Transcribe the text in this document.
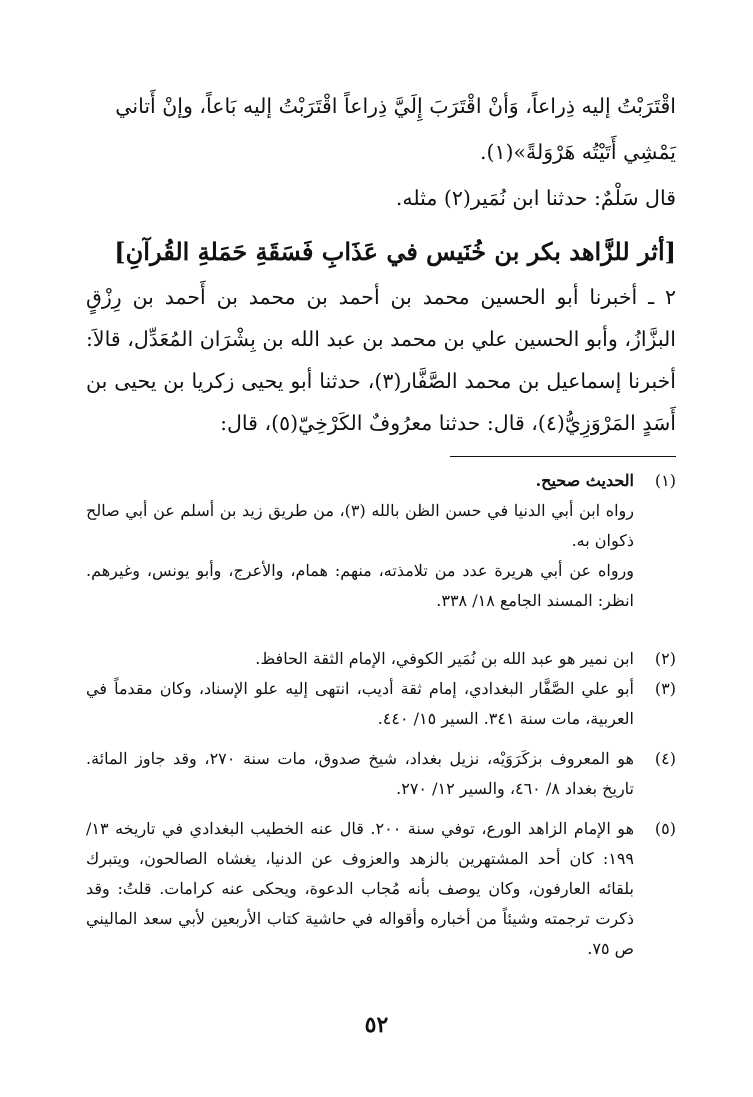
اقْتَرَبْتُ إليه ذِراعاً، وَأنْ اقْتَرَبَ إِلَيَّ ذِراعاً اقْتَرَبْتُ إليه بَاعاً، وإنْ أَتاني

يَمْشِي أَتَيْتُه هَرْوَلةً»(١).

قال سَلْمٌ: حدثنا ابن نُمَير(٢) مثله.

[أثر للزَّاهد بكر بن خُنَيس في عَذَابِ فَسَقَةِ حَمَلةِ القُرآنِ]

٢ ـ أخبرنا أبو الحسين محمد بن أحمد بن محمد بن أَحمد بن رِزْقٍ البزَّازُ، وأبو الحسين علي بن محمد بن عبد الله بن بِشْرَان المُعَدِّل، قالاَ: أخبرنا إسماعيل بن محمد الصَّفَّار(٣)، حدثنا أبو يحيى زكريا بن يحيى بن أَسَدٍ المَرْوَزِيُّ(٤)، قال: حدثنا معرُوفٌ الكَرْخِيّ(٥)، قال:

(١)

الحديث صحيح.

رواه ابن أبي الدنيا في حسن الظن بالله (٣)، من طريق زيد بن أسلم عن أبي صالح ذكوان به.

ورواه عن أبي هريرة عدد من تلامذته، منهم: همام، والأعرج، وأبو يونس، وغيرهم. انظر: المسند الجامع ١٨/ ٣٣٨.

(٢)

ابن نمير هو عبد الله بن نُمَير الكوفي، الإمام الثقة الحافظ.

(٣)

أبو علي الصَّفَّار البغدادي، إمام ثقة أديب، انتهى إليه علو الإسناد، وكان مقدماً في العربية، مات سنة ٣٤١. السير ١٥/ ٤٤٠.

(٤)

هو المعروف بزكَرَوَيْه، نزيل بغداد، شيخ صدوق، مات سنة ٢٧٠، وقد جاوز المائة. تاريخ بغداد ٨/ ٤٦٠، والسير ١٢/ ٢٧٠.

(٥)

هو الإمام الزاهد الورع، توفي سنة ٢٠٠. قال عنه الخطيب البغدادي في تاريخه ١٣/ ١٩٩: كان أحد المشتهرين بالزهد والعزوف عن الدنيا، يغشاه الصالحون، ويتبرك بلقائه العارفون، وكان يوصف بأنه مُجاب الدعوة، ويحكى عنه كرامات. قلتُ: وقد ذكرت ترجمته وشيئاً من أخباره وأقواله في حاشية كتاب الأربعين لأبي سعد الماليني ص ٧٥.

٥٢
